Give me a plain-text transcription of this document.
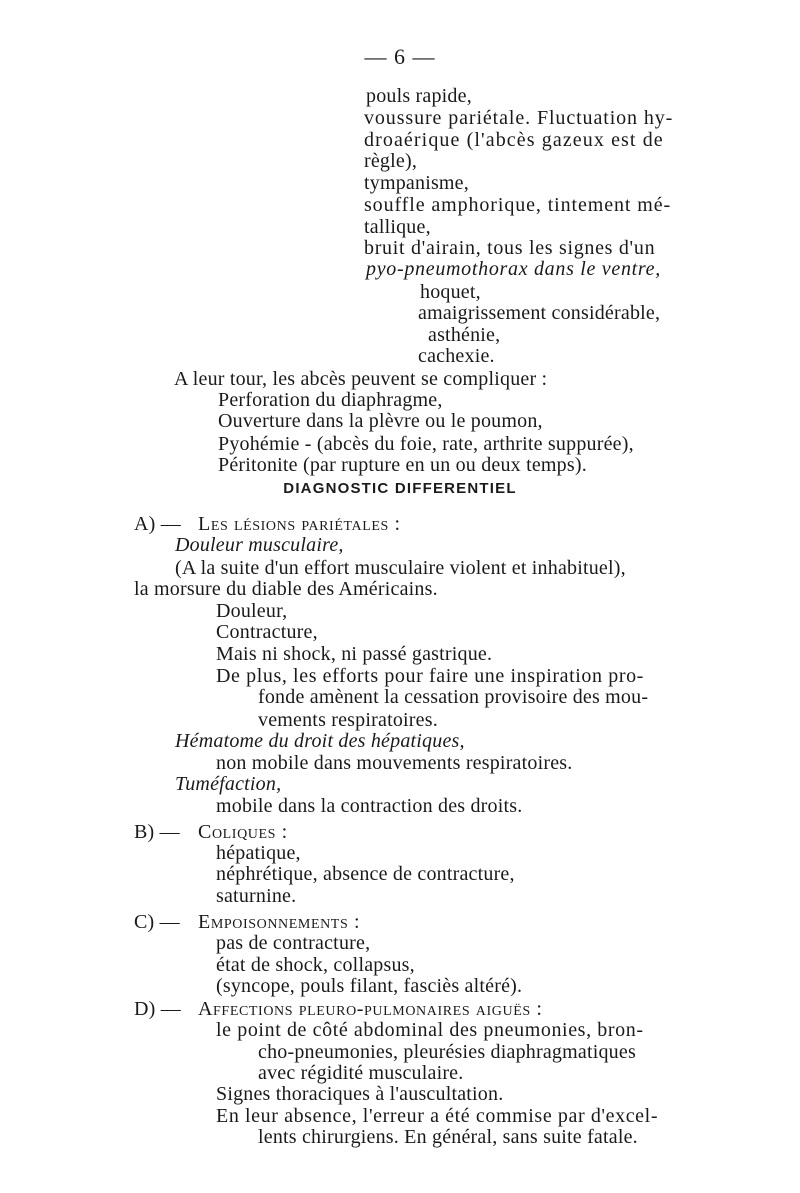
— 6 —
pouls rapide,
voussure pariétale. Fluctuation hy-
droaérique (l'abcès gazeux est de
règle),
tympanisme,
souffle amphorique, tintement mé-
tallique,
bruit d'airain, tous les signes d'un
pyo-pneumothorax dans le ventre,
hoquet,
amaigrissement considérable,
asthénie,
cachexie.
A leur tour, les abcès peuvent se compliquer :
Perforation du diaphragme,
Ouverture dans la plèvre ou le poumon,
Pyohémie - (abcès du foie, rate, arthrite suppurée),
Péritonite (par rupture en un ou deux temps).
DIAGNOSTIC DIFFERENTIEL
A) — Les lésions pariétales :
Douleur musculaire,
(A la suite d'un effort musculaire violent et inhabituel),
la morsure du diable des Américains.
Douleur,
Contracture,
Mais ni shock, ni passé gastrique.
De plus, les efforts pour faire une inspiration pro-
fonde amènent la cessation provisoire des mou-
vements respiratoires.
Hématome du droit des hépatiques,
non mobile dans mouvements respiratoires.
Tuméfaction,
mobile dans la contraction des droits.
B) — Coliques :
hépatique,
néphrétique, absence de contracture,
saturnine.
C) — Empoisonnements :
pas de contracture,
état de shock, collapsus,
(syncope, pouls filant, fasciès altéré).
D) — Affections pleuro-pulmonaires aiguës :
le point de côté abdominal des pneumonies, bron-
cho-pneumonies, pleurésies diaphragmatiques
avec régidité musculaire.
Signes thoraciques à l'auscultation.
En leur absence, l'erreur a été commise par d'excel-
lents chirurgiens. En général, sans suite fatale.
